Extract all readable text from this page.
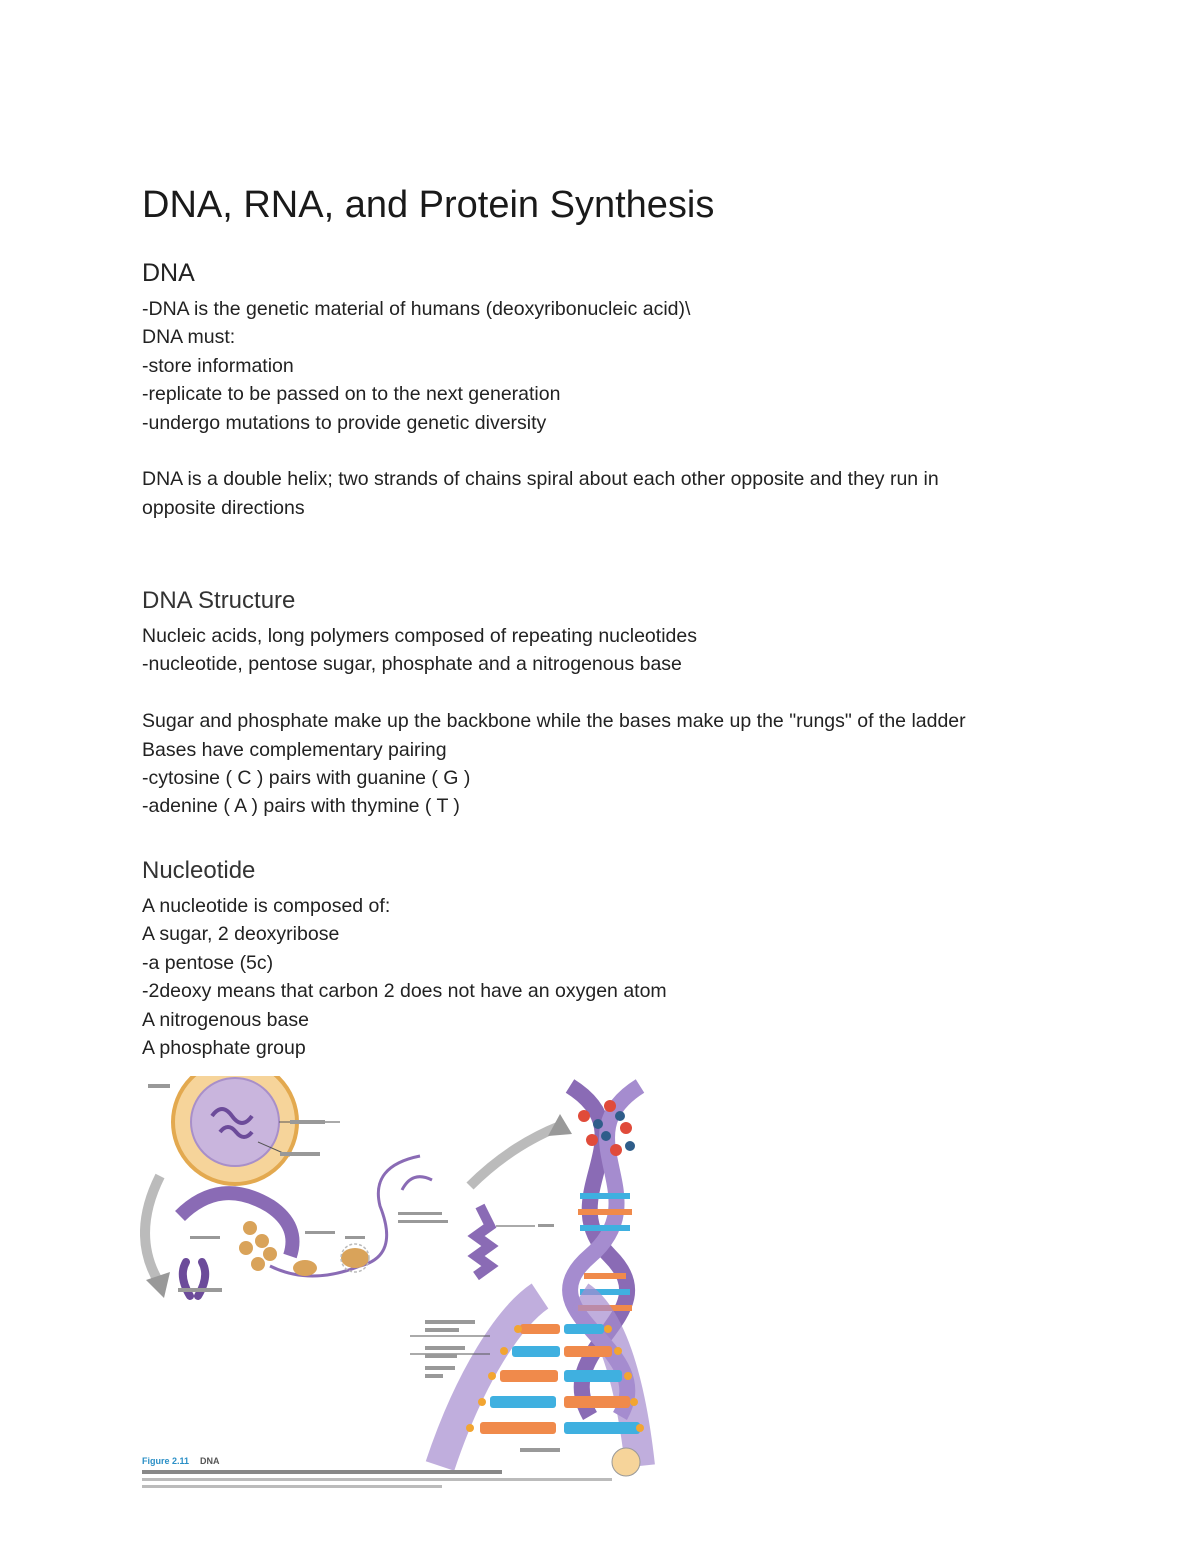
DNA, RNA, and Protein Synthesis
DNA
-DNA is the genetic material of humans (deoxyribonucleic acid)\
DNA must:
-store information
-replicate to be passed on to the next generation
-undergo mutations to provide genetic diversity

DNA is a double helix; two strands of chains spiral about each other opposite and they run in
opposite directions
DNA Structure
Nucleic acids, long polymers composed of repeating nucleotides
-nucleotide, pentose sugar, phosphate and a nitrogenous base

Sugar and phosphate make up the backbone while the bases make up the "rungs" of the ladder
Bases have complementary pairing
-cytosine ( C ) pairs with guanine ( G )
-adenine ( A ) pairs with thymine ( T )
Nucleotide
A nucleotide is composed of:
A sugar, 2 deoxyribose
-a pentose (5c)
-2deoxy means that carbon 2 does not have an oxygen atom
A nitrogenous base
A phosphate group
Figure 2.11 DNA
